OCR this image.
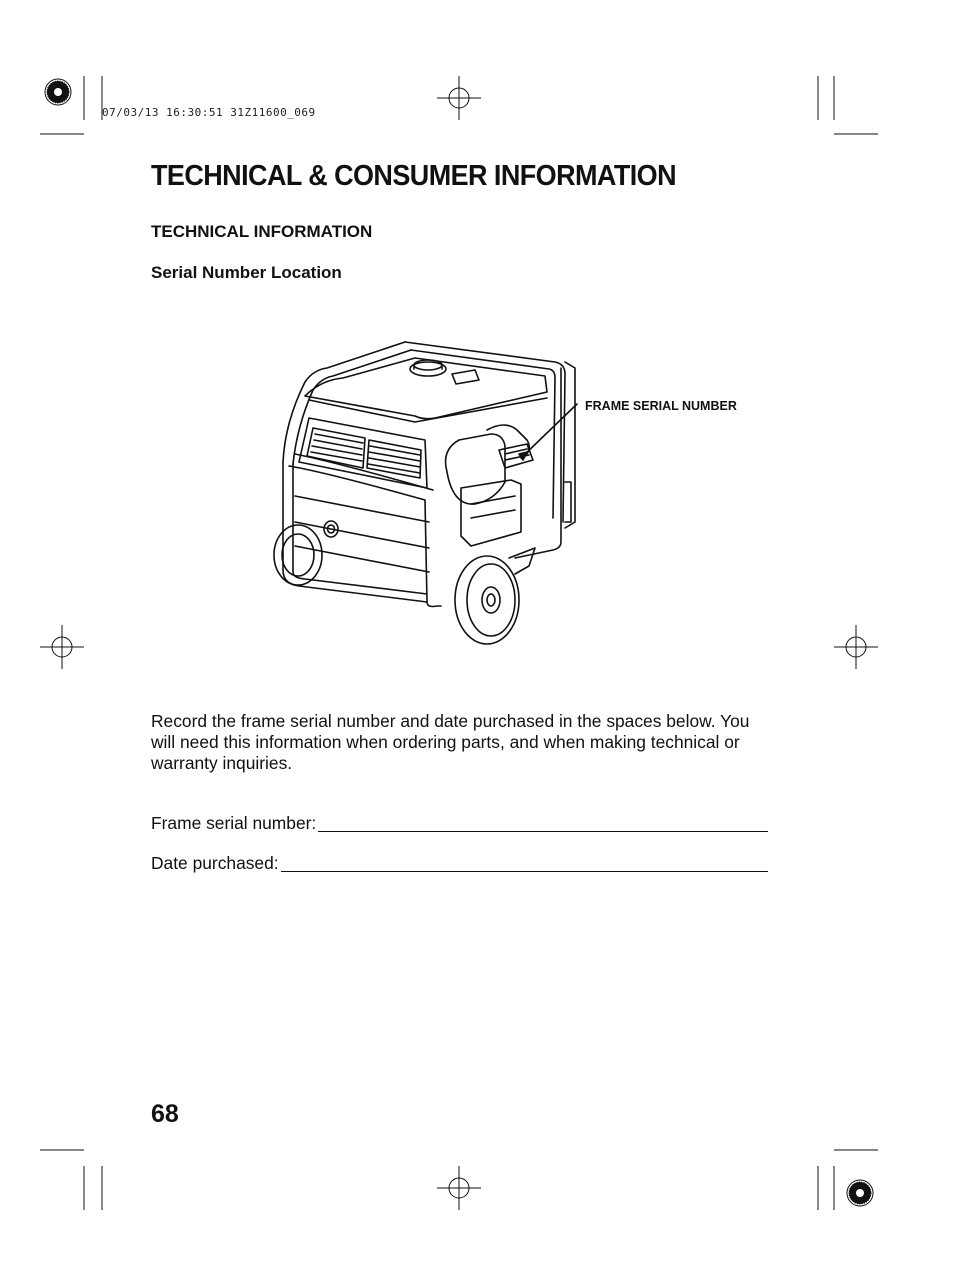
07/03/13 16:30:51 31Z11600_069
TECHNICAL & CONSUMER INFORMATION
TECHNICAL INFORMATION
Serial Number Location
FRAME SERIAL NUMBER
Record the frame serial number and date purchased in the spaces below. You will need this information when ordering parts, and when making technical or warranty inquiries.
Frame serial number:
Date purchased:
68
